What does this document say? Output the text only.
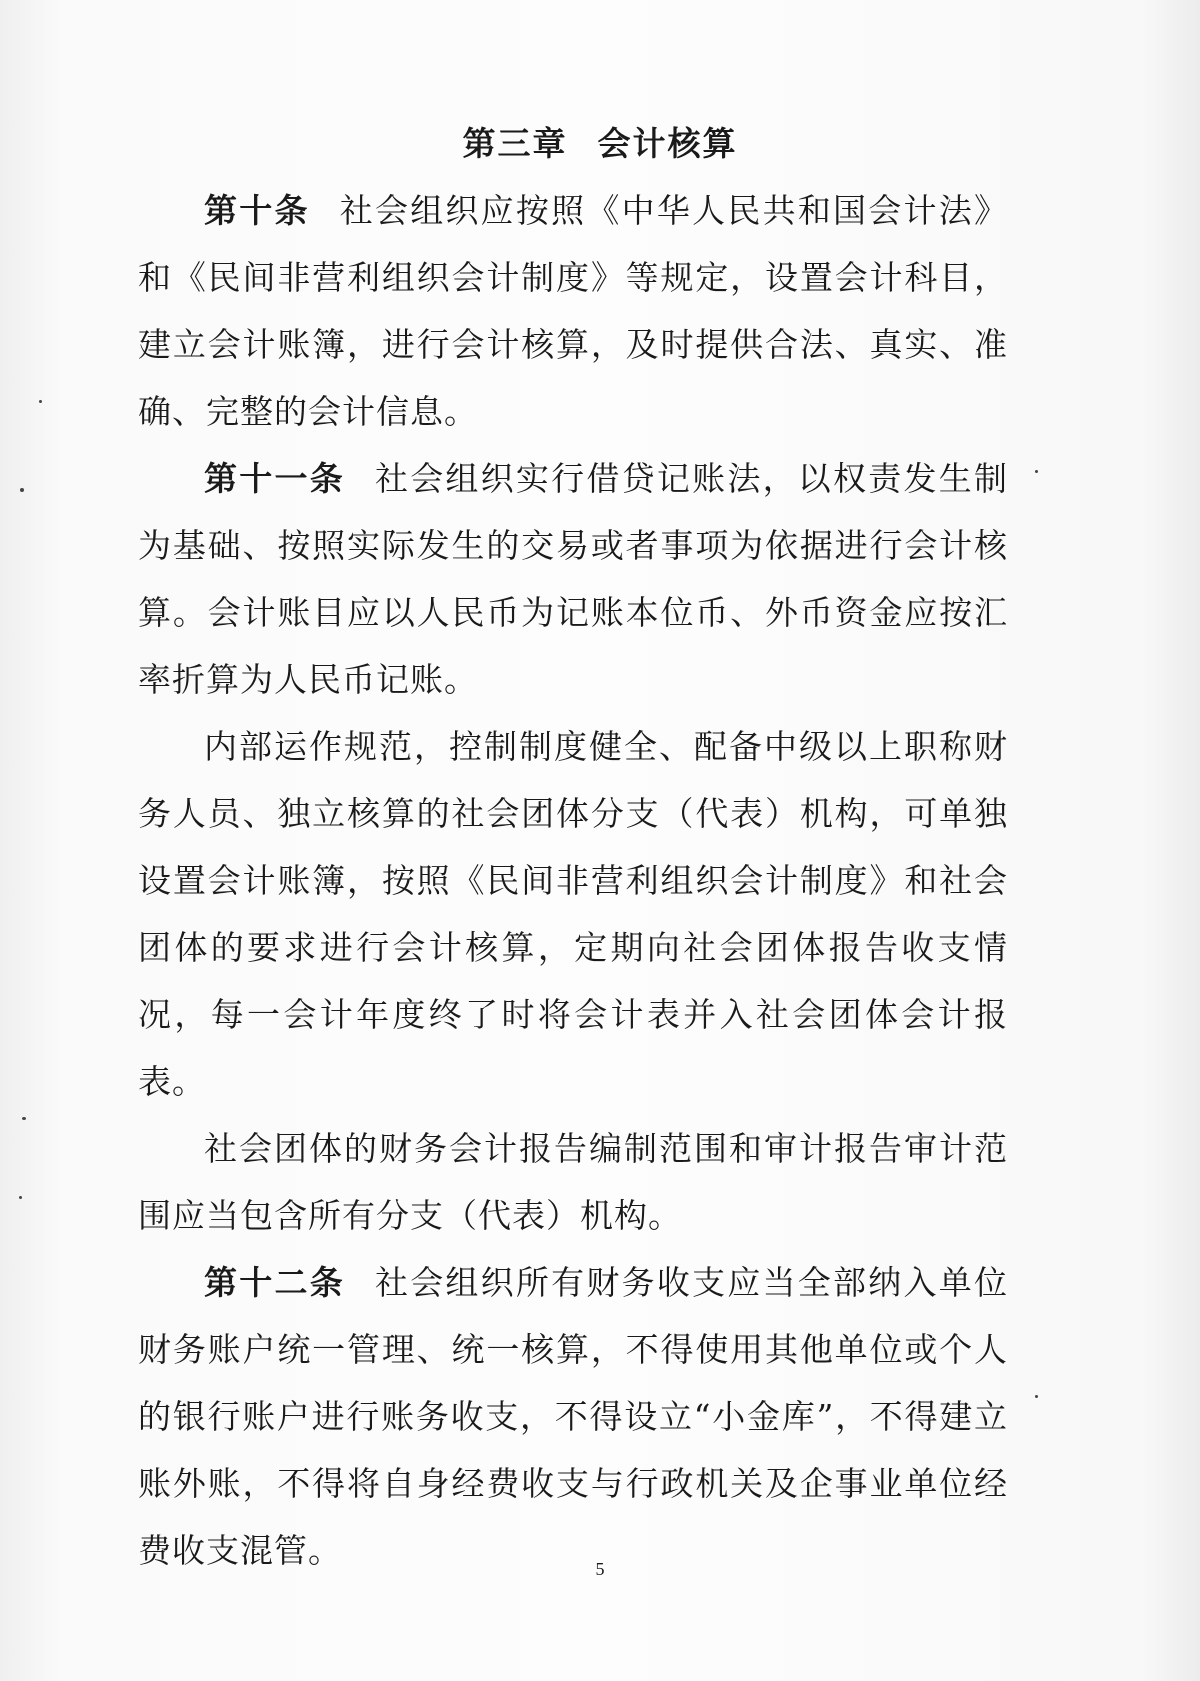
第三章 会计核算

第十条 社会组织应按照《中华人民共和国会计法》和《民间非营利组织会计制度》等规定，设置会计科目，建立会计账簿，进行会计核算，及时提供合法、真实、准确、完整的会计信息。

第十一条 社会组织实行借贷记账法，以权责发生制为基础、按照实际发生的交易或者事项为依据进行会计核算。会计账目应以人民币为记账本位币、外币资金应按汇率折算为人民币记账。

内部运作规范，控制制度健全、配备中级以上职称财务人员、独立核算的社会团体分支（代表）机构，可单独设置会计账簿，按照《民间非营利组织会计制度》和社会团体的要求进行会计核算，定期向社会团体报告收支情况，每一会计年度终了时将会计表并入社会团体会计报表。

社会团体的财务会计报告编制范围和审计报告审计范围应当包含所有分支（代表）机构。

第十二条 社会组织所有财务收支应当全部纳入单位财务账户统一管理、统一核算，不得使用其他单位或个人的银行账户进行账务收支，不得设立“小金库”，不得建立账外账，不得将自身经费收支与行政机关及企事业单位经费收支混管。	5
